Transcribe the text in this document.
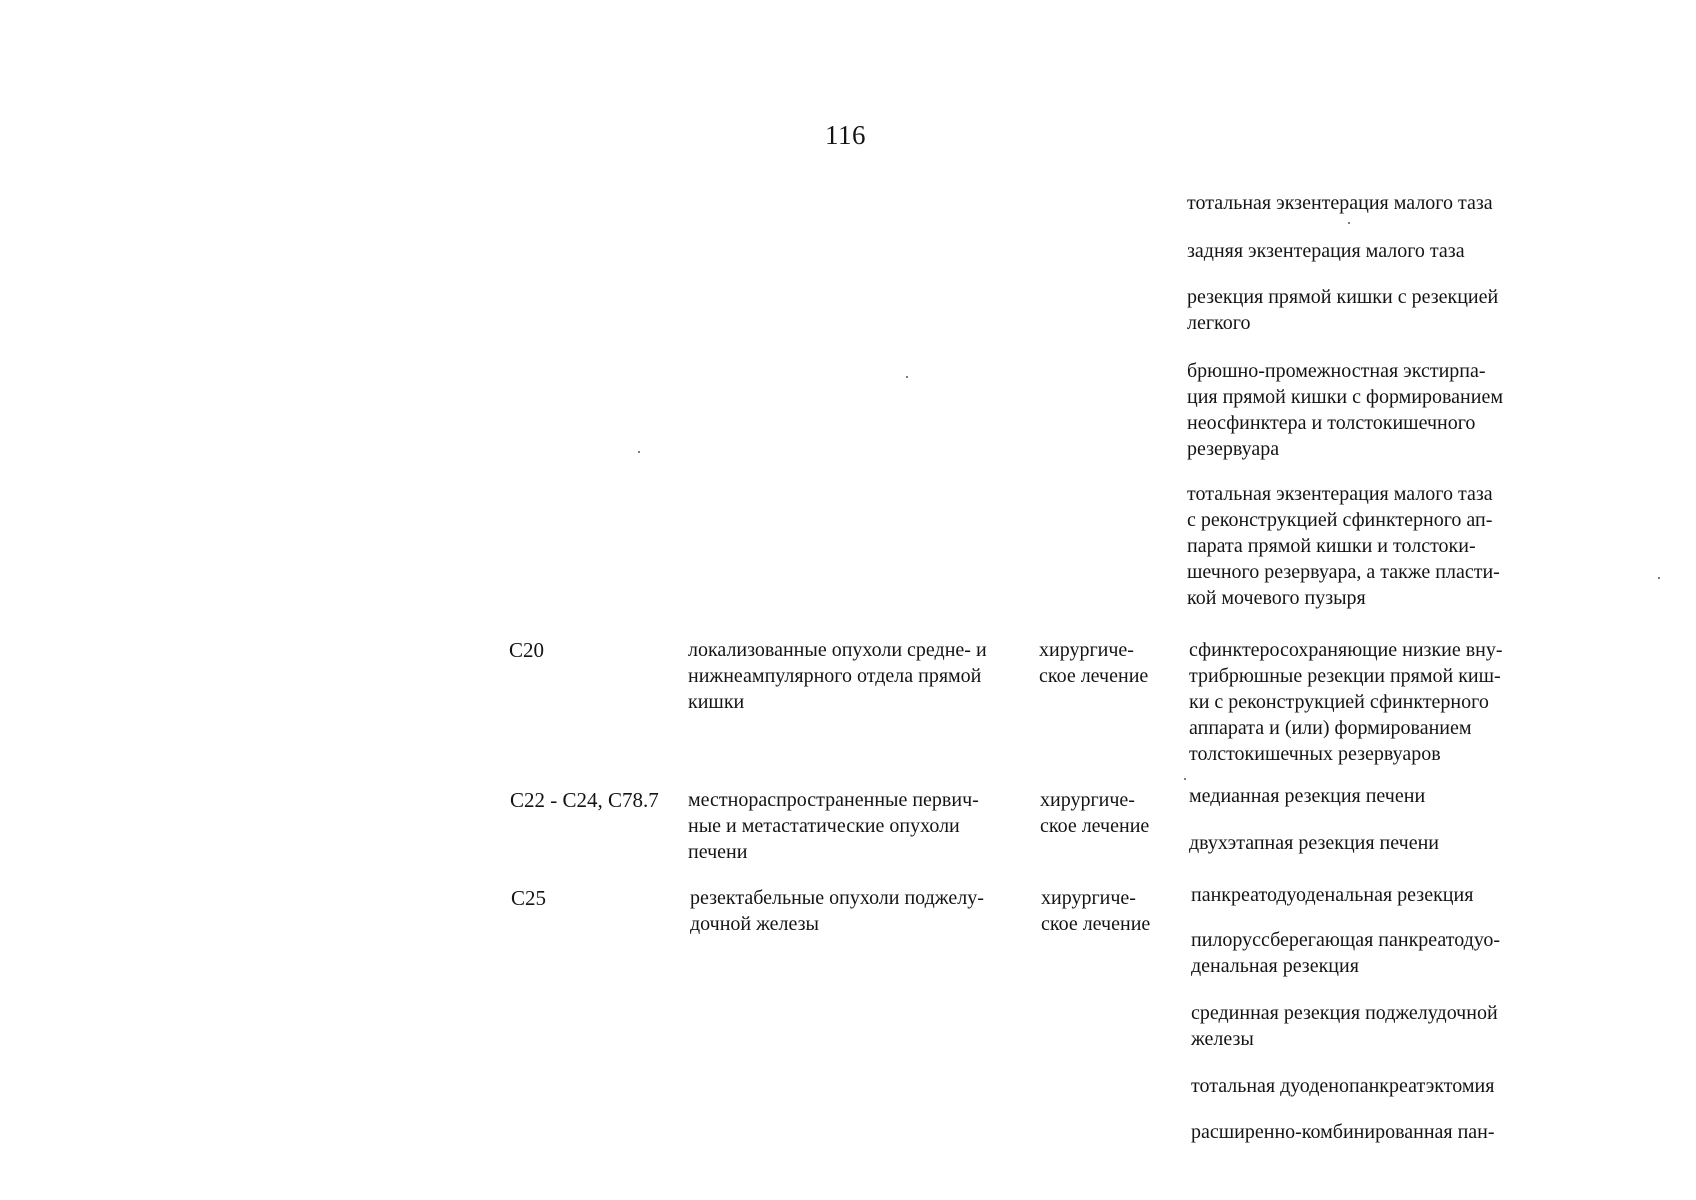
116
тотальная экзентерация малого таза
задняя экзентерация малого таза
резекция прямой кишки с резекцией
легкого
брюшно-промежностная экстирпа-
ция прямой кишки с формированием
неосфинктера и толстокишечного
резервуара
тотальная экзентерация малого таза
с реконструкцией сфинктерного ап-
парата прямой кишки и толстоки-
шечного резервуара, а также пласти-
кой мочевого пузыря
C20	локализованные опухоли средне- и
нижнеампулярного отдела прямой
кишки
хирургиче-
ское лечение
сфинктеросохраняющие низкие вну-
трибрюшные резекции прямой киш-
ки с реконструкцией сфинктерного
аппарата и (или) формированием
толстокишечных резервуаров
C22 - C24, C78.7 местнораспространенные первич-
ные и метастатические опухоли
печени
хирургиче-
ское лечение
медианная резекция печени
двухэтапная резекция печени
C25	резектабельные опухоли поджелу-
дочной железы
хирургиче-
ское лечение
панкреатодуоденальная резекция
пилоруссберегающая панкреатодуо-
денальная резекция
срединная резекция поджелудочной
железы
тотальная дуоденопанкреатэктомия
расширенно-комбинированная пан-
